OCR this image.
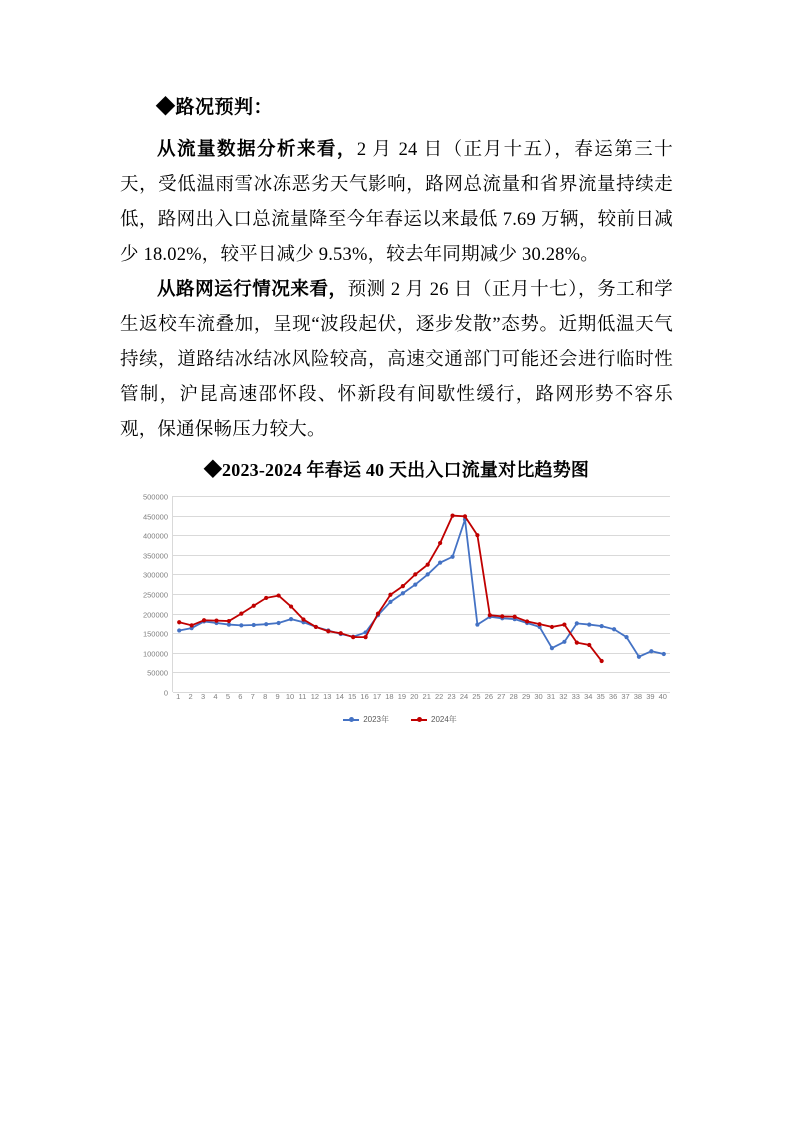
◆路况预判：

从流量数据分析来看，2 月 24 日（正月十五），春运第三十天，受低温雨雪冰冻恶劣天气影响，路网总流量和省界流量持续走低，路网出入口总流量降至今年春运以来最低 7.69 万辆，较前日减少 18.02%，较平日减少 9.53%，较去年同期减少 30.28%。

从路网运行情况来看，预测 2 月 26 日（正月十七），务工和学生返校车流叠加，呈现“波段起伏，逐步发散”态势。近期低温天气持续，道路结冰结冰风险较高，高速交通部门可能还会进行临时性管制，沪昆高速邵怀段、怀新段有间歇性缓行，路网形势不容乐观，保通保畅压力较大。

◆2023-2024 年春运 40 天出入口流量对比趋势图
0
50000
100000
150000
200000
250000
300000
350000
400000
450000
500000
1 2 3 4 5 6 7 8 9 10 11 12 13 14 15 16 17 18 19 20 21 22 23 24 25 26 27 28 29 30 31 32 33 34 35 36 37 38 39 40
2023年	2024年
